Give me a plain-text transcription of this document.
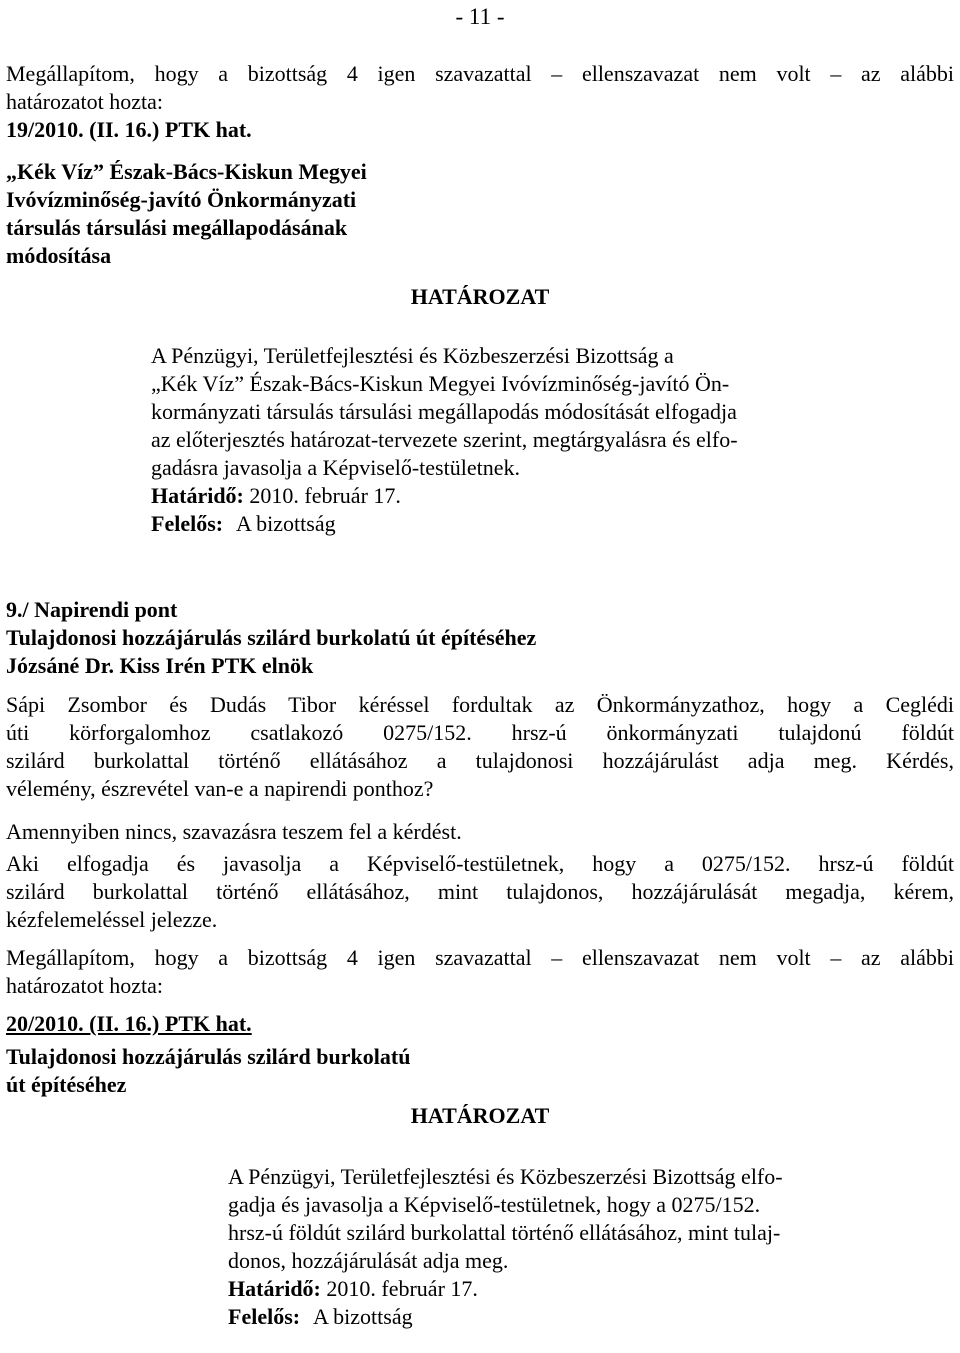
- 11 -
Megállapítom, hogy a bizottság 4 igen szavazattal – ellenszavazat nem volt – az alábbi
határozatot hozta:
19/2010. (II. 16.) PTK hat.
„Kék Víz” Észak-Bács-Kiskun Megyei
Ivóvízminőség-javító Önkormányzati
társulás társulási megállapodásának
módosítása
HATÁROZAT
A Pénzügyi, Területfejlesztési és Közbeszerzési Bizottság a
„Kék Víz” Észak-Bács-Kiskun Megyei Ivóvízminőség-javító Ön-
kormányzati társulás társulási megállapodás módosítását elfogadja
az előterjesztés határozat-tervezete szerint, megtárgyalásra és elfo-
gadásra javasolja a Képviselő-testületnek.
Határidő: 2010. február 17.
Felelős: A bizottság
9./ Napirendi pont
Tulajdonosi hozzájárulás szilárd burkolatú út építéséhez
Józsáné Dr. Kiss Irén PTK elnök
Sápi Zsombor és Dudás Tibor kéréssel fordultak az Önkormányzathoz, hogy a Ceglédi
úti körforgalomhoz csatlakozó 0275/152. hrsz-ú önkormányzati tulajdonú földút
szilárd burkolattal történő ellátásához a tulajdonosi hozzájárulást adja meg. Kérdés,
vélemény, észrevétel van-e a napirendi ponthoz?
Amennyiben nincs, szavazásra teszem fel a kérdést.
Aki elfogadja és javasolja a Képviselő-testületnek, hogy a 0275/152. hrsz-ú földút
szilárd burkolattal történő ellátásához, mint tulajdonos, hozzájárulását megadja, kérem,
kézfelemeléssel jelezze.
Megállapítom, hogy a bizottság 4 igen szavazattal – ellenszavazat nem volt – az alábbi
határozatot hozta:
20/2010. (II. 16.) PTK hat.
Tulajdonosi hozzájárulás szilárd burkolatú
út építéséhez
HATÁROZAT
A Pénzügyi, Területfejlesztési és Közbeszerzési Bizottság elfo-
gadja és javasolja a Képviselő-testületnek, hogy a 0275/152.
hrsz-ú földút szilárd burkolattal történő ellátásához, mint tulaj-
donos, hozzájárulását adja meg.
Határidő: 2010. február 17.
Felelős: A bizottság
